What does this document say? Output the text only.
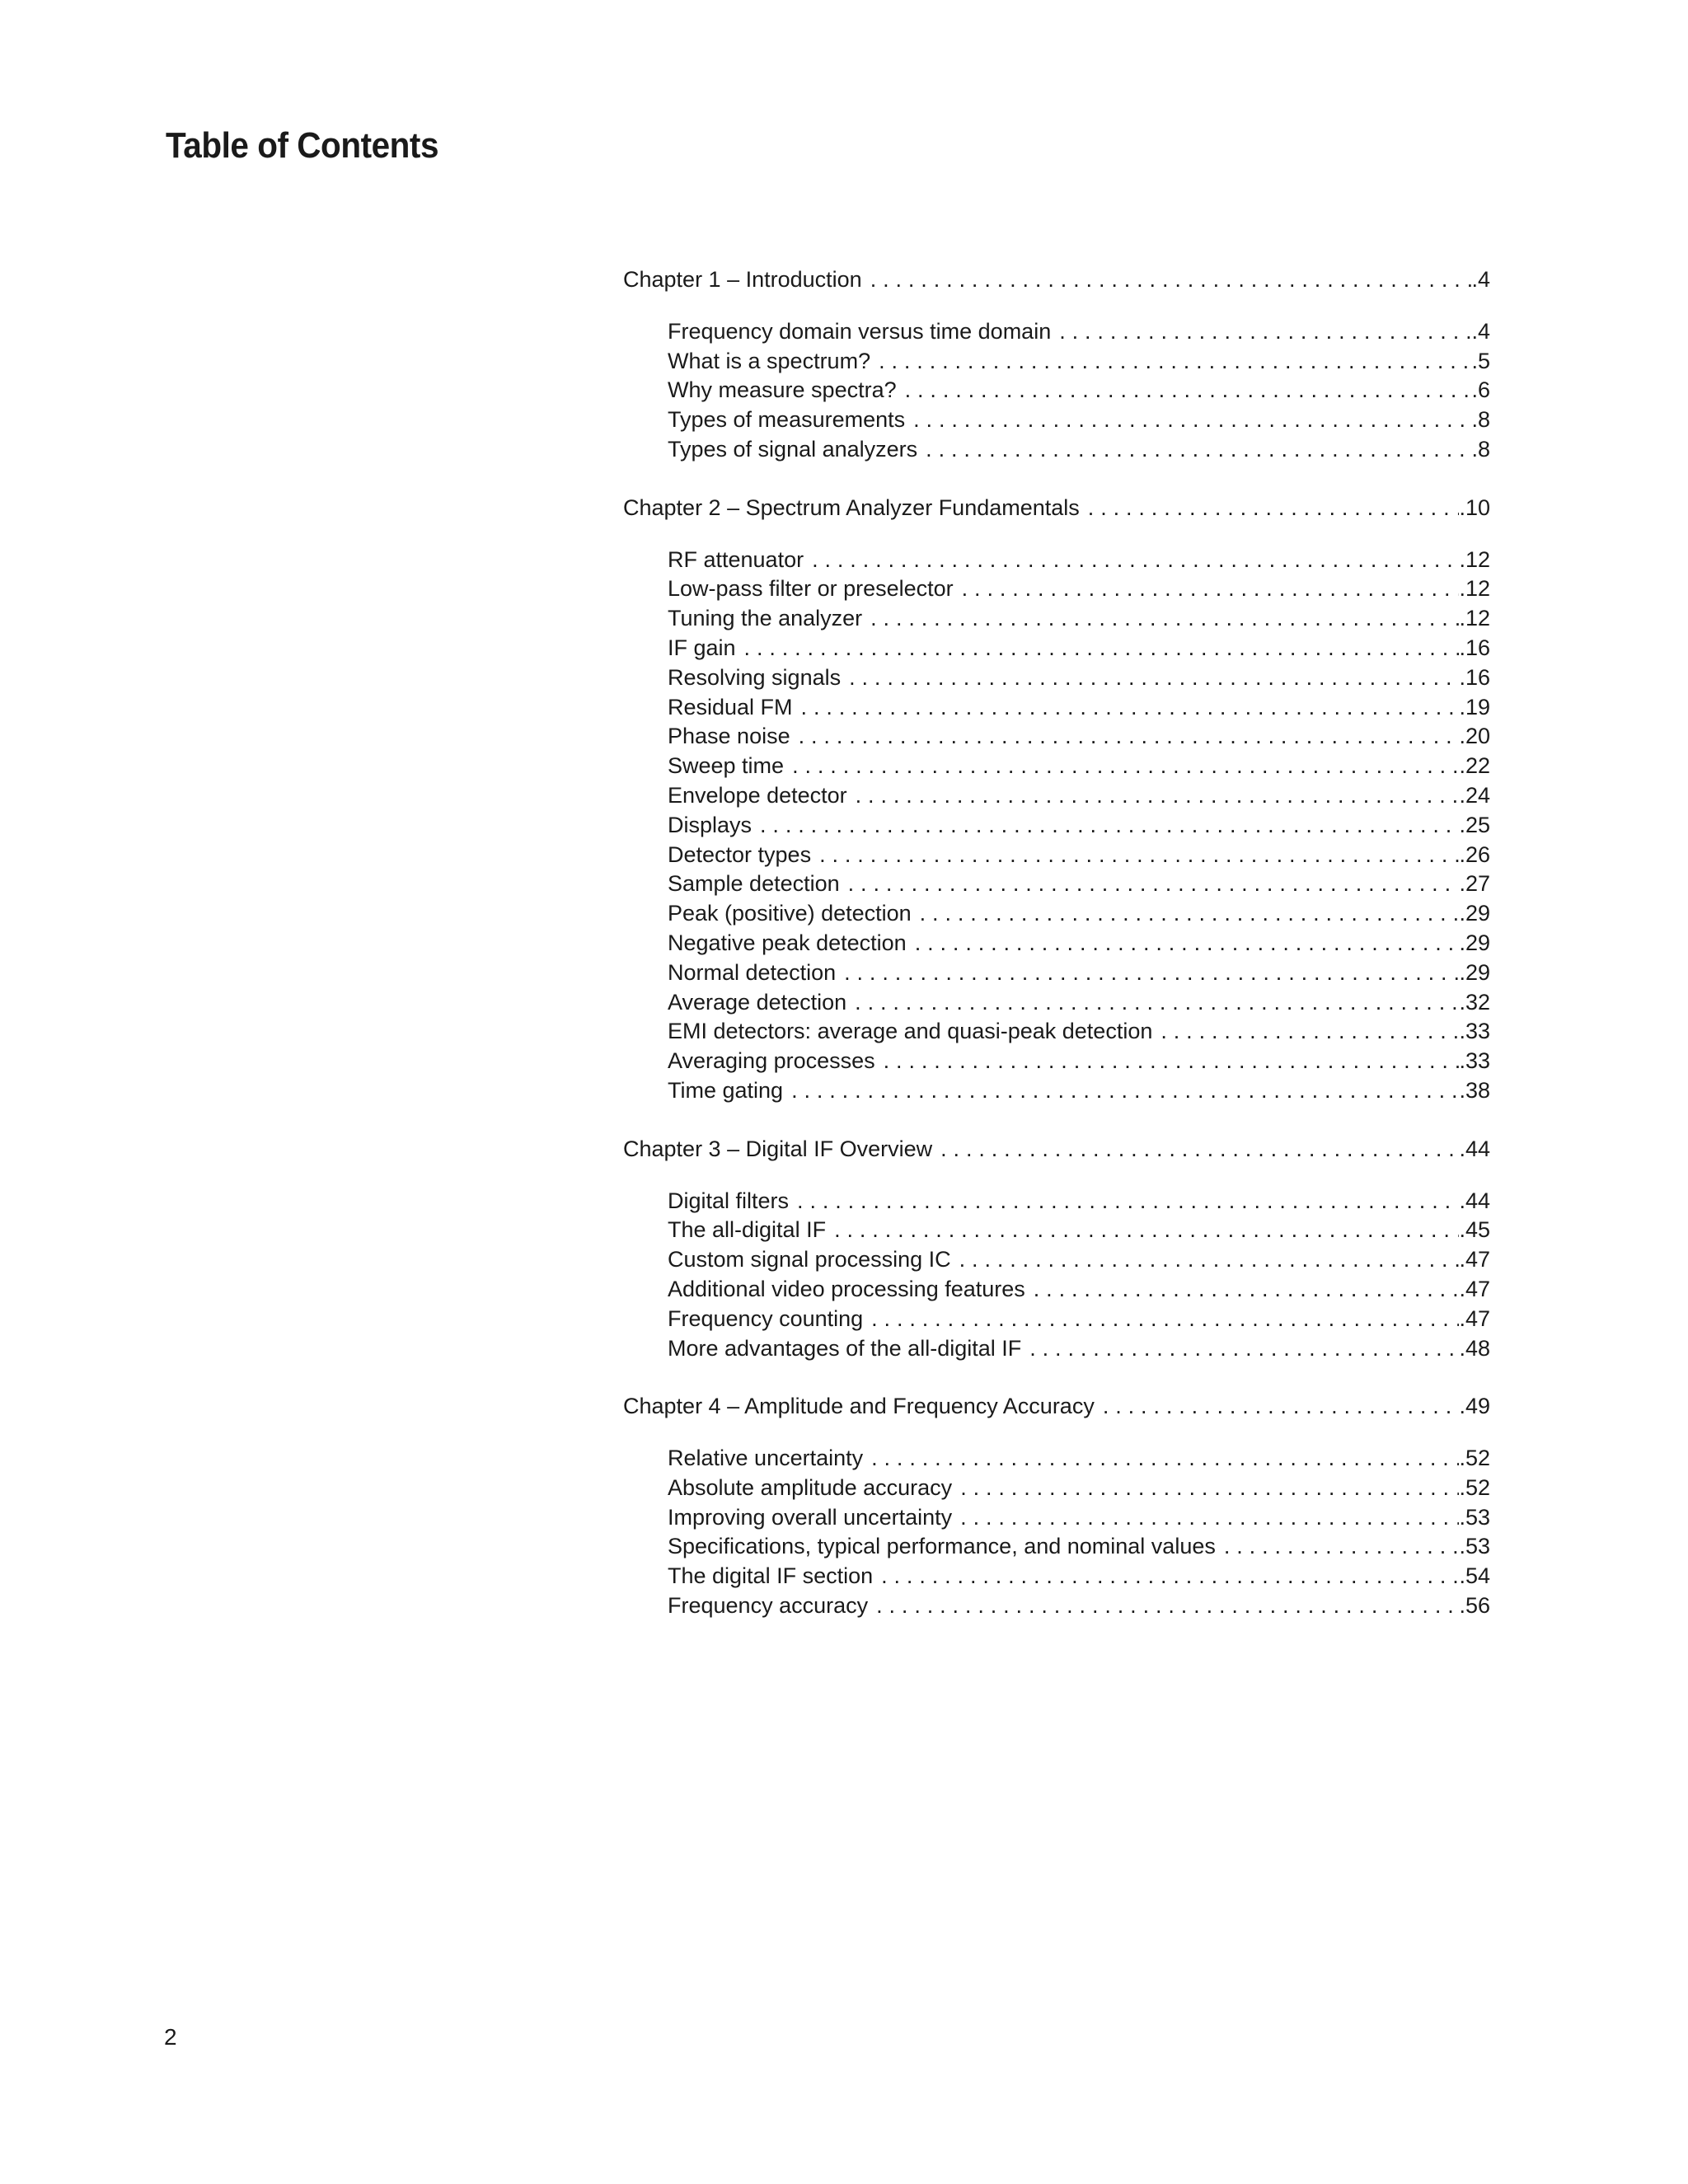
Table of Contents
Chapter 1 – Introduction . . .	.4
Frequency domain versus time domain . . .	.4
What is a spectrum? . . .	.5
Why measure spectra? . . .	.6
Types of measurements . . .	.8
Types of signal analyzers . . .	.8
Chapter 2 – Spectrum Analyzer Fundamentals . . .	.10
RF attenuator . . .	.12
Low-pass filter or preselector . . .	.12
Tuning the analyzer . . .	.12
IF gain . . .	.16
Resolving signals . . .	.16
Residual FM . . .	.19
Phase noise . . .	.20
Sweep time . . .	.22
Envelope detector . . .	.24
Displays . . .	.25
Detector types . . .	.26
Sample detection . . .	.27
Peak (positive) detection . . .	.29
Negative peak detection . . .	.29
Normal detection . . .	.29
Average detection . . .	.32
EMI detectors: average and quasi-peak detection . . .	.33
Averaging processes . . .	.33
Time gating . . .	.38
Chapter 3 – Digital IF Overview . . .	.44
Digital filters . . .	.44
The all-digital IF . . .	.45
Custom signal processing IC . . .	.47
Additional video processing features . . .	.47
Frequency counting . . .	.47
More advantages of the all-digital IF . . .	.48
Chapter 4 – Amplitude and Frequency Accuracy . . .	.49
Relative uncertainty . . .	.52
Absolute amplitude accuracy . . .	.52
Improving overall uncertainty . . .	.53
Specifications, typical performance, and nominal values . . .	.53
The digital IF section . . .	.54
Frequency accuracy . . .	.56
2
